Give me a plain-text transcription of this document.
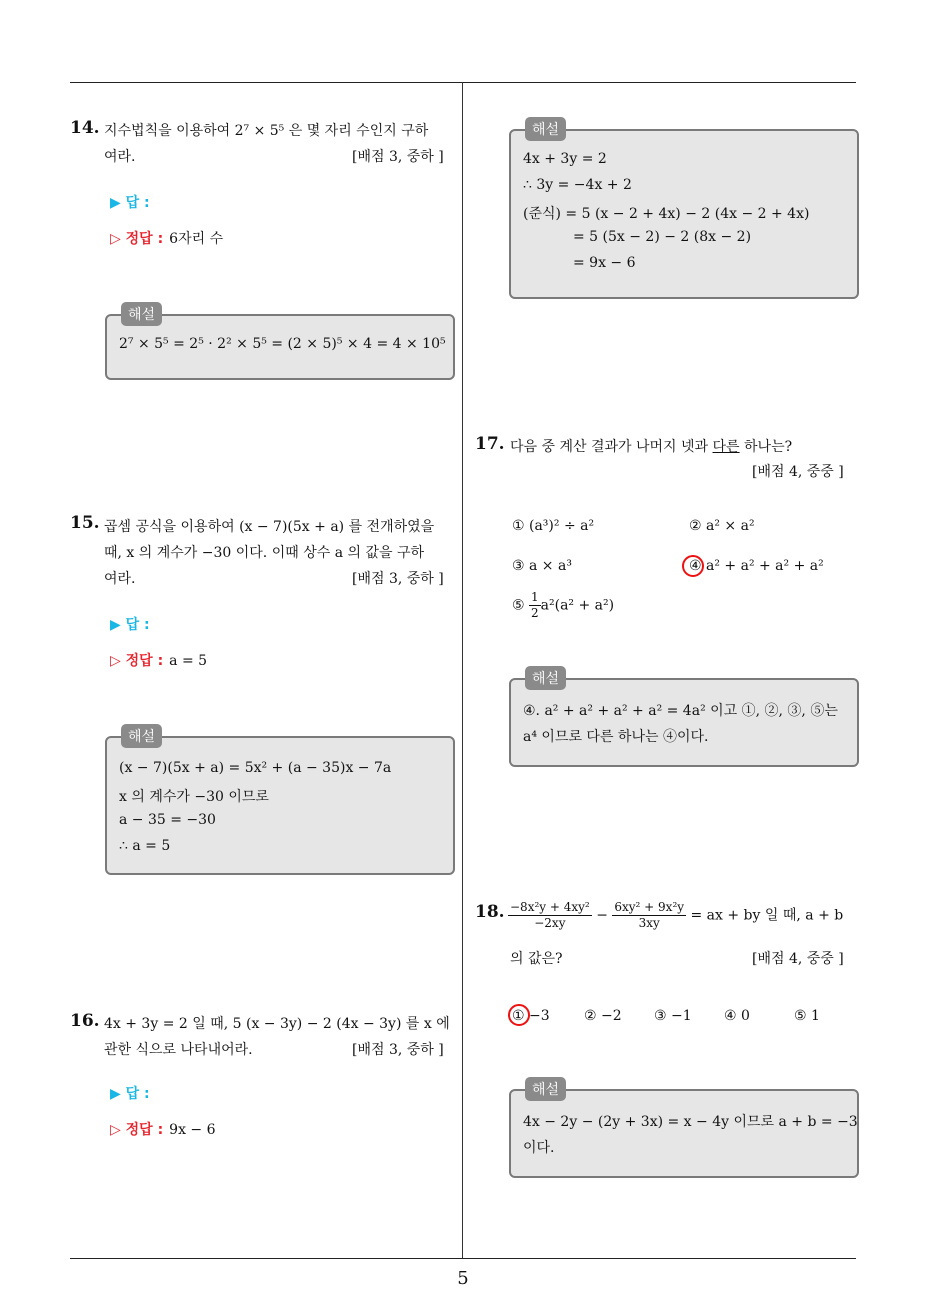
5
14. 지수법칙을 이용하여 2⁷ × 5⁵ 은 몇 자리 수인지 구하
여라.	[배점 3, 중하 ]
▶ 답 :
▷ 정답 : 6자리 수
해설
2⁷ × 5⁵ = 2⁵ · 2² × 5⁵ = (2 × 5)⁵ × 4 = 4 × 10⁵
15. 곱셈 공식을 이용하여 (x − 7)(5x + a) 를 전개하였을
때, x 의 계수가 −30 이다. 이때 상수 a 의 값을 구하
여라.	[배점 3, 중하 ]
▶ 답 :
▷ 정답 : a = 5
해설
(x − 7)(5x + a) = 5x² + (a − 35)x − 7a
x 의 계수가 −30 이므로
a − 35 = −30
∴ a = 5
16. 4x + 3y = 2 일 때, 5 (x − 3y) − 2 (4x − 3y) 를 x 에
관한 식으로 나타내어라.	[배점 3, 중하 ]
▶ 답 :
▷ 정답 : 9x − 6
해설
4x + 3y = 2
∴ 3y = −4x + 2
(준식) = 5 (x − 2 + 4x) − 2 (4x − 2 + 4x)
= 5 (5x − 2) − 2 (8x − 2)
= 9x − 6
17. 다음 중 계산 결과가 나머지 넷과 다른 하나는?
[배점 4, 중중 ]
① (a³)² ÷ a²	② a² × a²
③ a × a³	④ a² + a² + a² + a²
⑤ $\frac{1}{2} a^2(a^2 + a^2)$
해설
④. a² + a² + a² + a² = 4a² 이고 ①, ②, ③, ⑤는
a⁴ 이므로 다른 하나는 ④이다.
18. $\frac{\text{−8x²y + 4xy²}}{-2xy} - \frac{\text{6xy² + 9x²y}}{3xy}$ = ax + by 일 때, a + b
의 값은?	[배점 4, 중중 ]
① −3 ② −2 ③ −1 ④ 0	⑤ 1
해설
4x − 2y − (2y + 3x) = x − 4y 이므로 a + b = −3
이다.
